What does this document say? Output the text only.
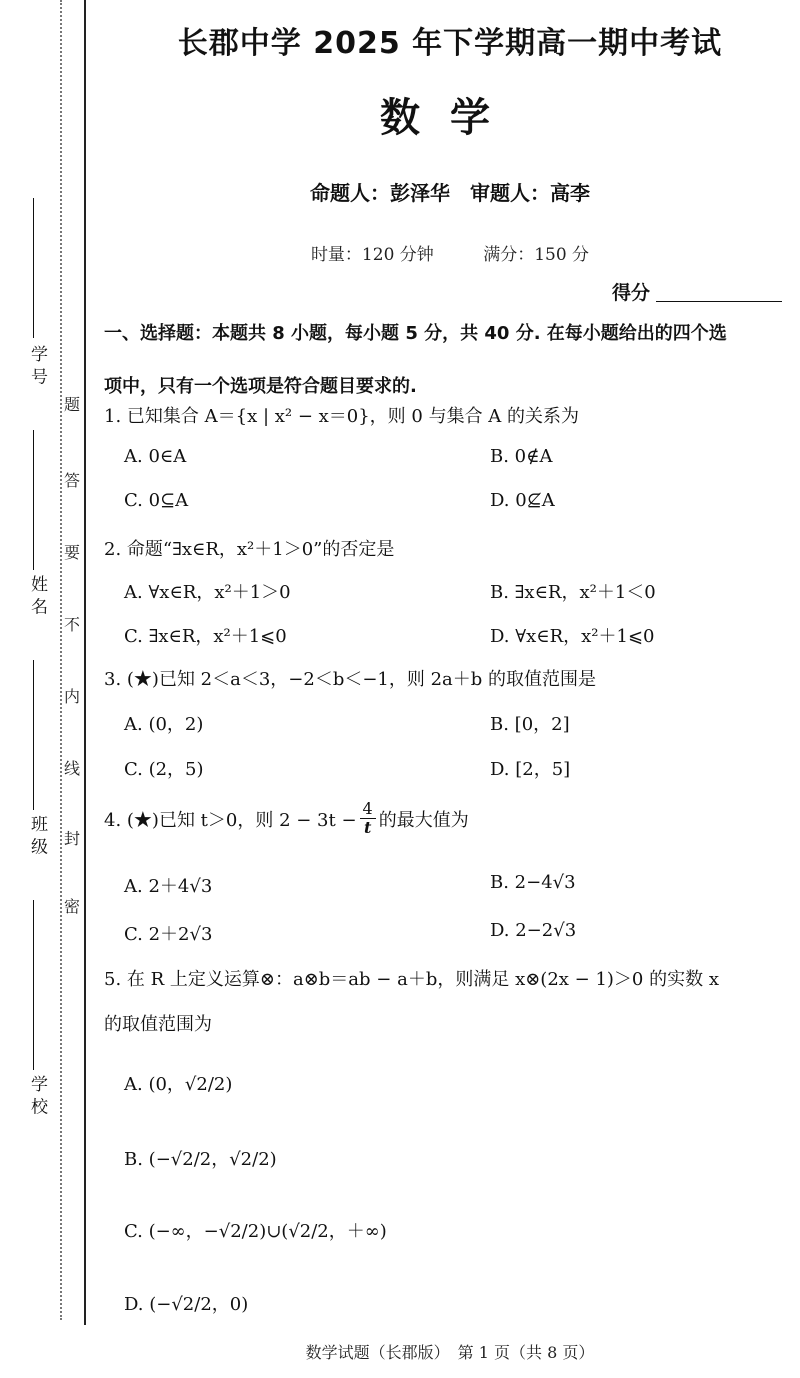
学 号
姓 名
班 级
学 校
题
答
要
不
内
线
封
密
长郡中学 2025 年下学期高一期中考试
数学
命题人：彭泽华　审题人：高李
时量：120 分钟	满分：150 分
得分
一、选择题：本题共 8 小题，每小题 5 分，共 40 分. 在每小题给出的四个选
项中，只有一个选项是符合题目要求的.
1. 已知集合 A＝{x | x² − x＝0}，则 0 与集合 A 的关系为
A. 0∈A	B. 0∉A
C. 0⊆A	D. 0⊈A
2. 命题“∃x∈R，x²＋1＞0”的否定是
A. ∀x∈R，x²＋1＞0	B. ∃x∈R，x²＋1＜0
C. ∃x∈R，x²＋1⩽0	D. ∀x∈R，x²＋1⩽0
3. (★)已知 2＜a＜3，−2＜b＜−1，则 2a＋b 的取值范围是
A. (0，2)	B. [0，2]
C. (2，5)	D. [2，5]
4. (★)已知 t＞0，则 $2 - 3t - \frac{4}{t}$ 的最大值为
A. 2＋4√3	B. 2−4√3
C. 2＋2√3	D. 2−2√3
5. 在 R 上定义运算⊗：a⊗b＝ab − a＋b，则满足 x⊗(2x − 1)＞0 的实数 x
的取值范围为
A. (0，√2/2)
B. (−√2/2，√2/2)
C. (−∞，−√2/2)∪(√2/2，＋∞)
D. (−√2/2，0)
数学试题（长郡版）　第 1 页（共 8 页）
